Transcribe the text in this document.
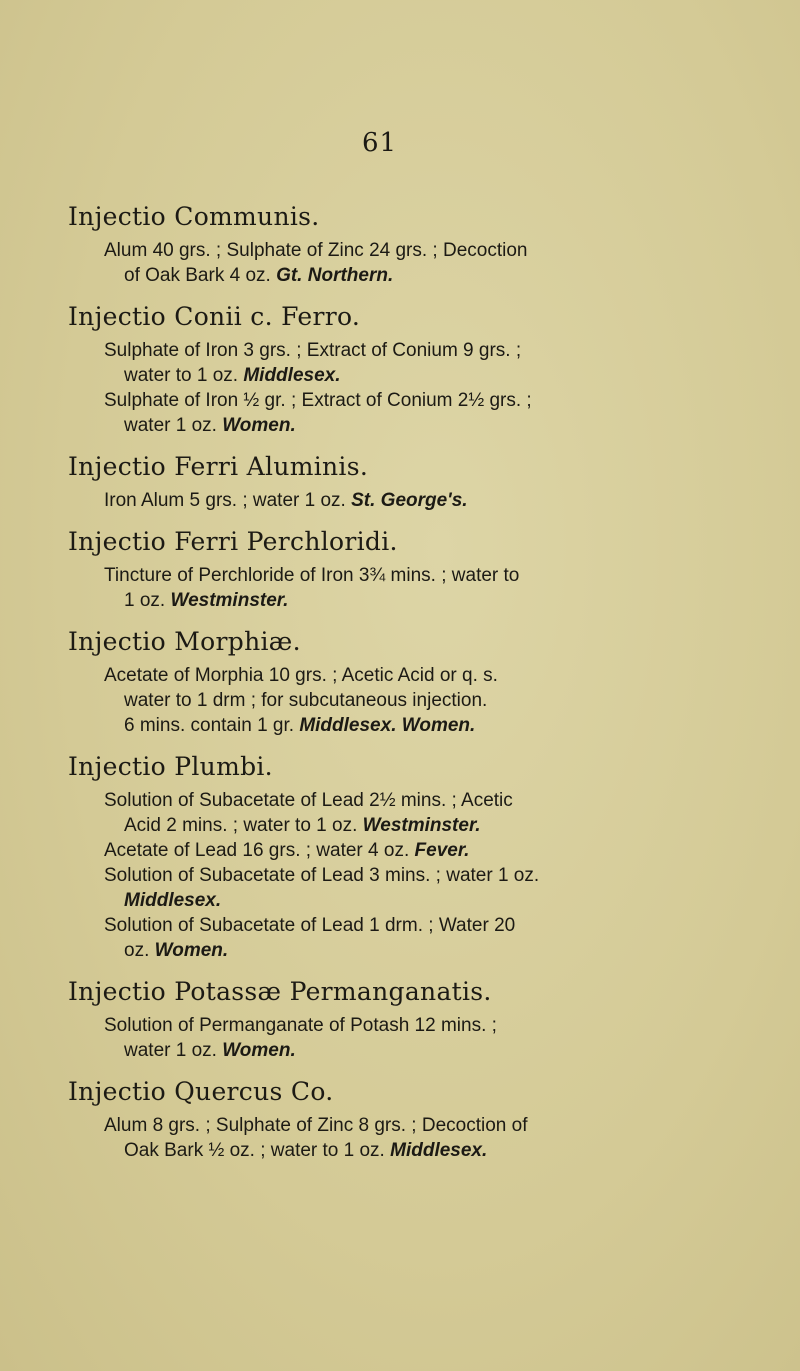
61
Injectio Communis.
Alum 40 grs. ; Sulphate of Zinc 24 grs. ; Decoction
of Oak Bark 4 oz. Gt. Northern.
Injectio Conii c. Ferro.
Sulphate of Iron 3 grs. ; Extract of Conium 9 grs. ;
water to 1 oz. Middlesex.
Sulphate of Iron ½ gr. ; Extract of Conium 2½ grs. ;
water 1 oz. Women.
Injectio Ferri Aluminis.
Iron Alum 5 grs. ; water 1 oz. St. George's.
Injectio Ferri Perchloridi.
Tincture of Perchloride of Iron 3¾ mins. ; water to
1 oz. Westminster.
Injectio Morphiæ.
Acetate of Morphia 10 grs. ; Acetic Acid or q. s.
water to 1 drm ; for subcutaneous injection.
6 mins. contain 1 gr. Middlesex. Women.
Injectio Plumbi.
Solution of Subacetate of Lead 2½ mins. ; Acetic
Acid 2 mins. ; water to 1 oz. Westminster.
Acetate of Lead 16 grs. ; water 4 oz. Fever.
Solution of Subacetate of Lead 3 mins. ; water 1 oz.
Middlesex.
Solution of Subacetate of Lead 1 drm. ; Water 20
oz. Women.
Injectio Potassæ Permanganatis.
Solution of Permanganate of Potash 12 mins. ;
water 1 oz. Women.
Injectio Quercus Co.
Alum 8 grs. ; Sulphate of Zinc 8 grs. ; Decoction of
Oak Bark ½ oz. ; water to 1 oz. Middlesex.
